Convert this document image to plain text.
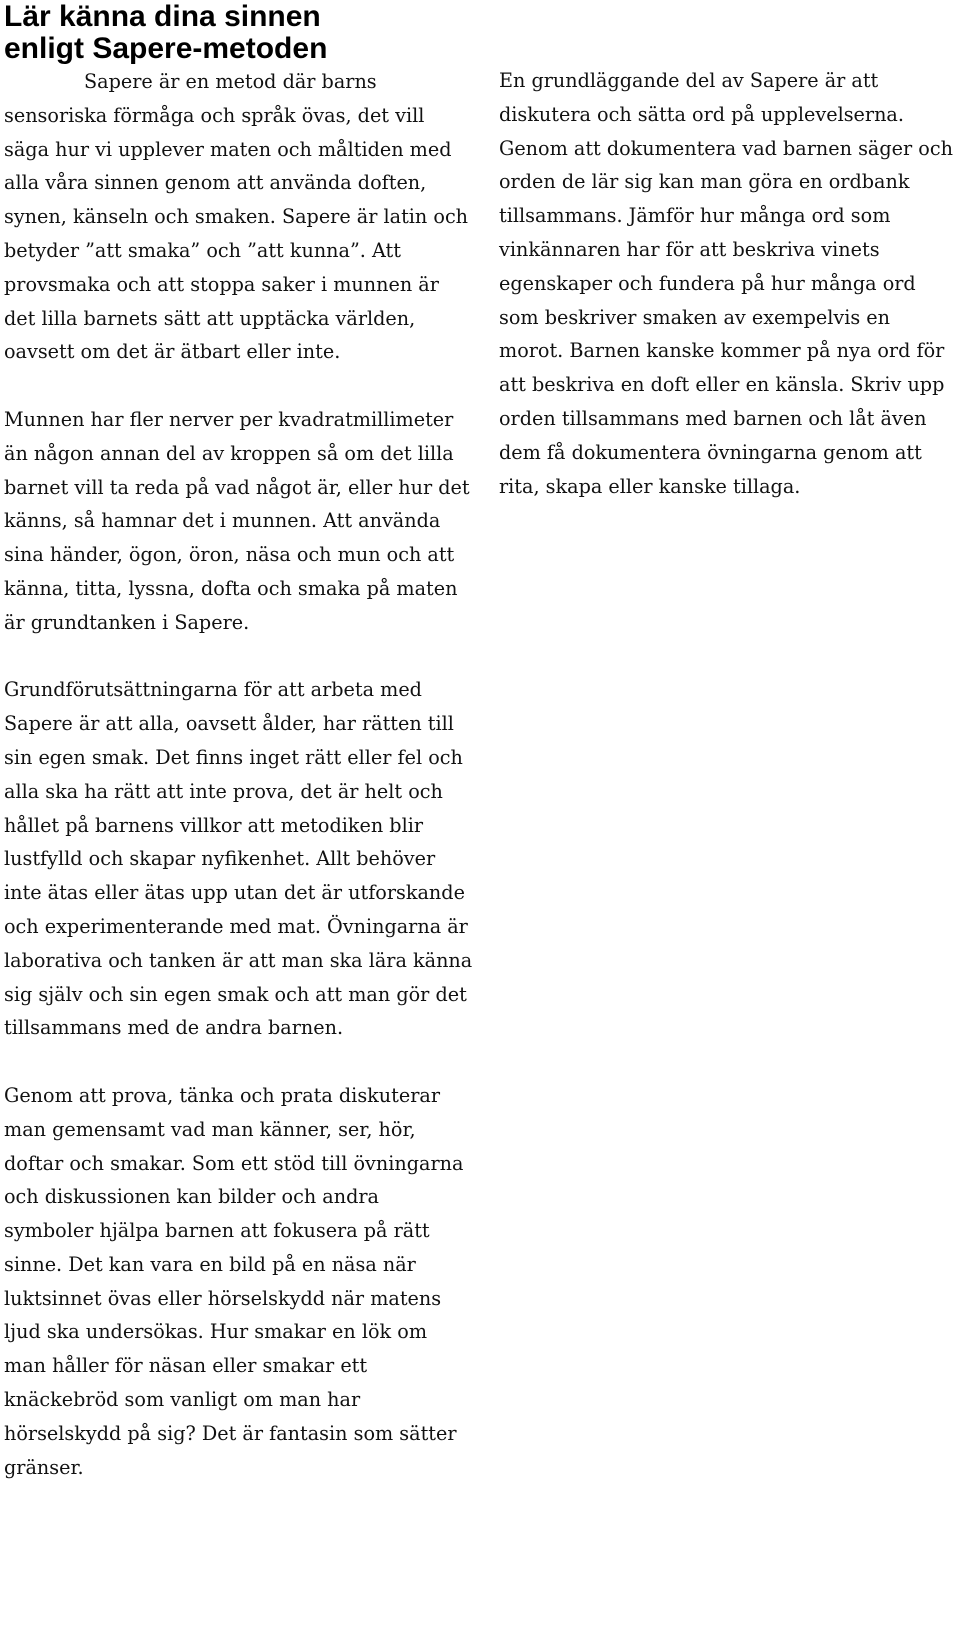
Lär känna dina sinnen
enligt Sapere-metoden

Sapere är en metod där barns sensoriska förmåga och språk övas, det vill säga hur vi upplever maten och måltiden med alla våra sinnen genom att använda doften, synen, känseln och smaken. Sapere är latin och betyder ”att smaka” och ”att kunna”. Att provsmaka och att stoppa saker i munnen är det lilla barnets sätt att upptäcka världen, oavsett om det är ätbart eller inte.

Munnen har fler nerver per kvadratmillimeter än någon annan del av kroppen så om det lilla barnet vill ta reda på vad något är, eller hur det känns, så hamnar det i munnen. Att använda sina händer, ögon, öron, näsa och mun och att känna, titta, lyssna, dofta och smaka på maten är grundtanken i Sapere.

Grundförutsättningarna för att arbeta med Sapere är att alla, oavsett ålder, har rätten till sin egen smak. Det finns inget rätt eller fel och alla ska ha rätt att inte prova, det är helt och hållet på barnens villkor att metodiken blir lustfylld och skapar nyfikenhet. Allt behöver inte ätas eller ätas upp utan det är utforskande och experimenterande med mat. Övningarna är laborativa och tanken är att man ska lära känna sig själv och sin egen smak och att man gör det tillsammans med de andra barnen.

Genom att prova, tänka och prata diskuterar man gemensamt vad man känner, ser, hör, doftar och smakar. Som ett stöd till övningarna och diskussionen kan bilder och andra symboler hjälpa barnen att fokusera på rätt sinne. Det kan vara en bild på en näsa när luktsinnet övas eller hörselskydd när matens ljud ska undersökas. Hur smakar en lök om man håller för näsan eller smakar ett knäckebröd som vanligt om man har hörselskydd på sig? Det är fantasin som sätter gränser.

En grundläggande del av Sapere är att diskutera och sätta ord på upplevelserna. Genom att dokumentera vad barnen säger och orden de lär sig kan man göra en ordbank tillsammans. Jämför hur många ord som vinkännaren har för att beskriva vinets egenskaper och fundera på hur många ord som beskriver smaken av exempelvis en morot. Barnen kanske kommer på nya ord för att beskriva en doft eller en känsla. Skriv upp orden tillsammans med barnen och låt även dem få dokumentera övningarna genom att rita, skapa eller kanske tillaga.
